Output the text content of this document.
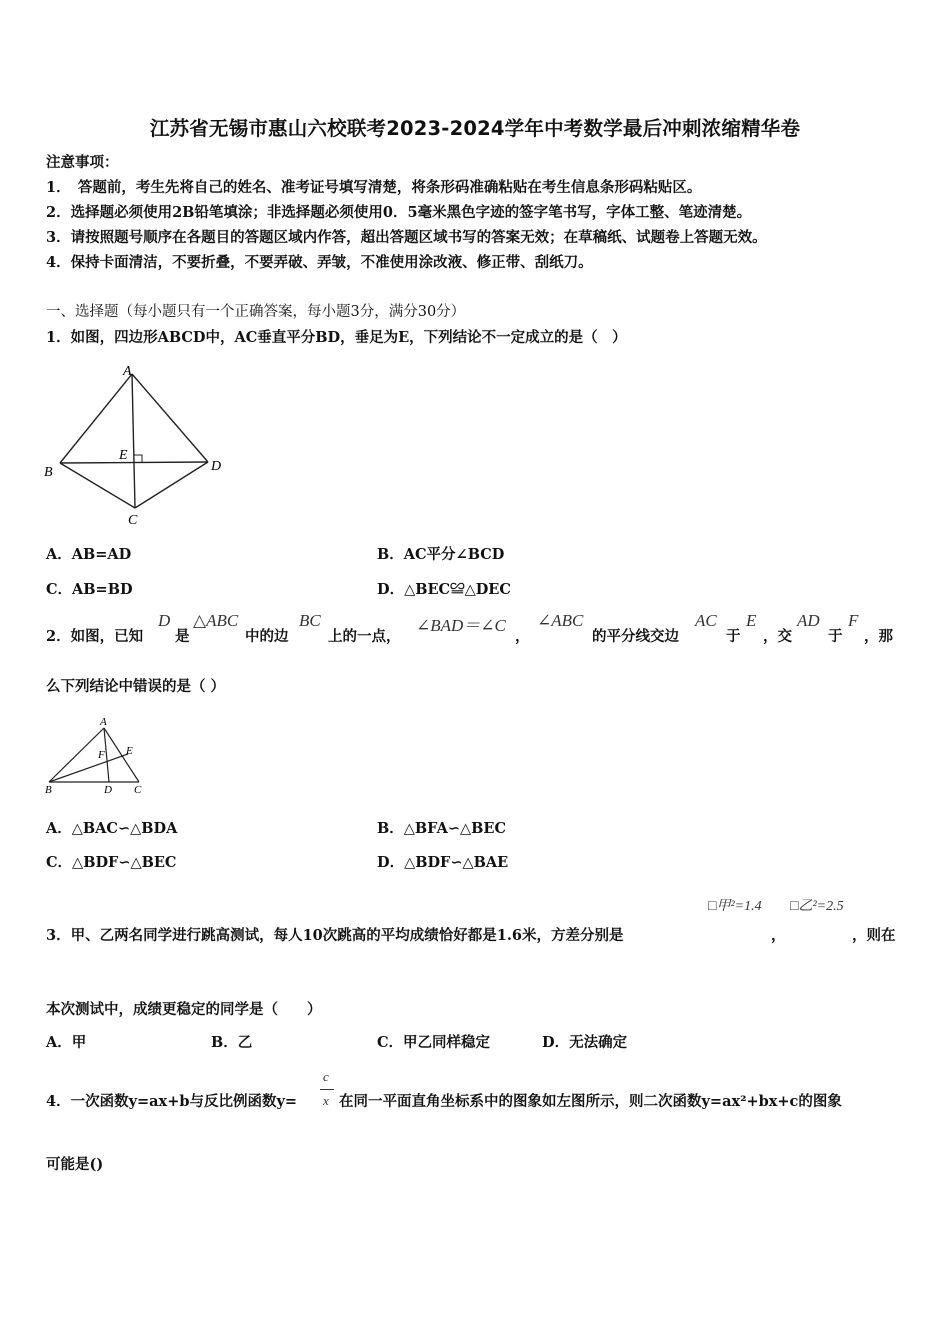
江苏省无锡市惠山六校联考2023-2024学年中考数学最后冲刺浓缩精华卷
注意事项：
1．　答题前，考生先将自己的姓名、准考证号填写清楚，将条形码准确粘贴在考生信息条形码粘贴区。
2．选择题必须使用2B铅笔填涂；非选择题必须使用0．5毫米黑色字迹的签字笔书写，字体工整、笔迹清楚。
3．请按照题号顺序在各题目的答题区域内作答，超出答题区域书写的答案无效；在草稿纸、试题卷上答题无效。
4．保持卡面清洁，不要折叠，不要弄破、弄皱，不准使用涂改液、修正带、刮纸刀。
一、选择题（每小题只有一个正确答案，每小题3分，满分30分）
1．如图，四边形ABCD中，AC垂直平分BD，垂足为E，下列结论不一定成立的是（　）
A
B
C
D
E
A．AB=AD	B．AC平分∠BCD
C．AB=BD	D．△BEC≌△DEC
2．如图，已知
D
是
△ABC
中的边
BC
上的一点，
∠BAD＝∠C
，
∠ABC
的平分线交边
AC
于
E
，交
AD
于
F
，那
么下列结论中错误的是（ ）
A
B	D C
E
F
A．△BAC∽△BDA	B．△BFA∽△BEC
C．△BDF∽△BEC	D．△BDF∽△BAE
□甲²=1.4 □乙²=2.5
3．甲、乙两名同学进行跳高测试，每人10次跳高的平均成绩恰好都是1.6米，方差分别是	，	，则在
本次测试中，成绩更稳定的同学是（　　）
A．甲	B．乙	C．甲乙同样稳定	D．无法确定
4．一次函数y=ax+b与反比例函数y=
c
x 在同一平面直角坐标系中的图象如左图所示，则二次函数y=ax²+bx+c的图象
可能是()
